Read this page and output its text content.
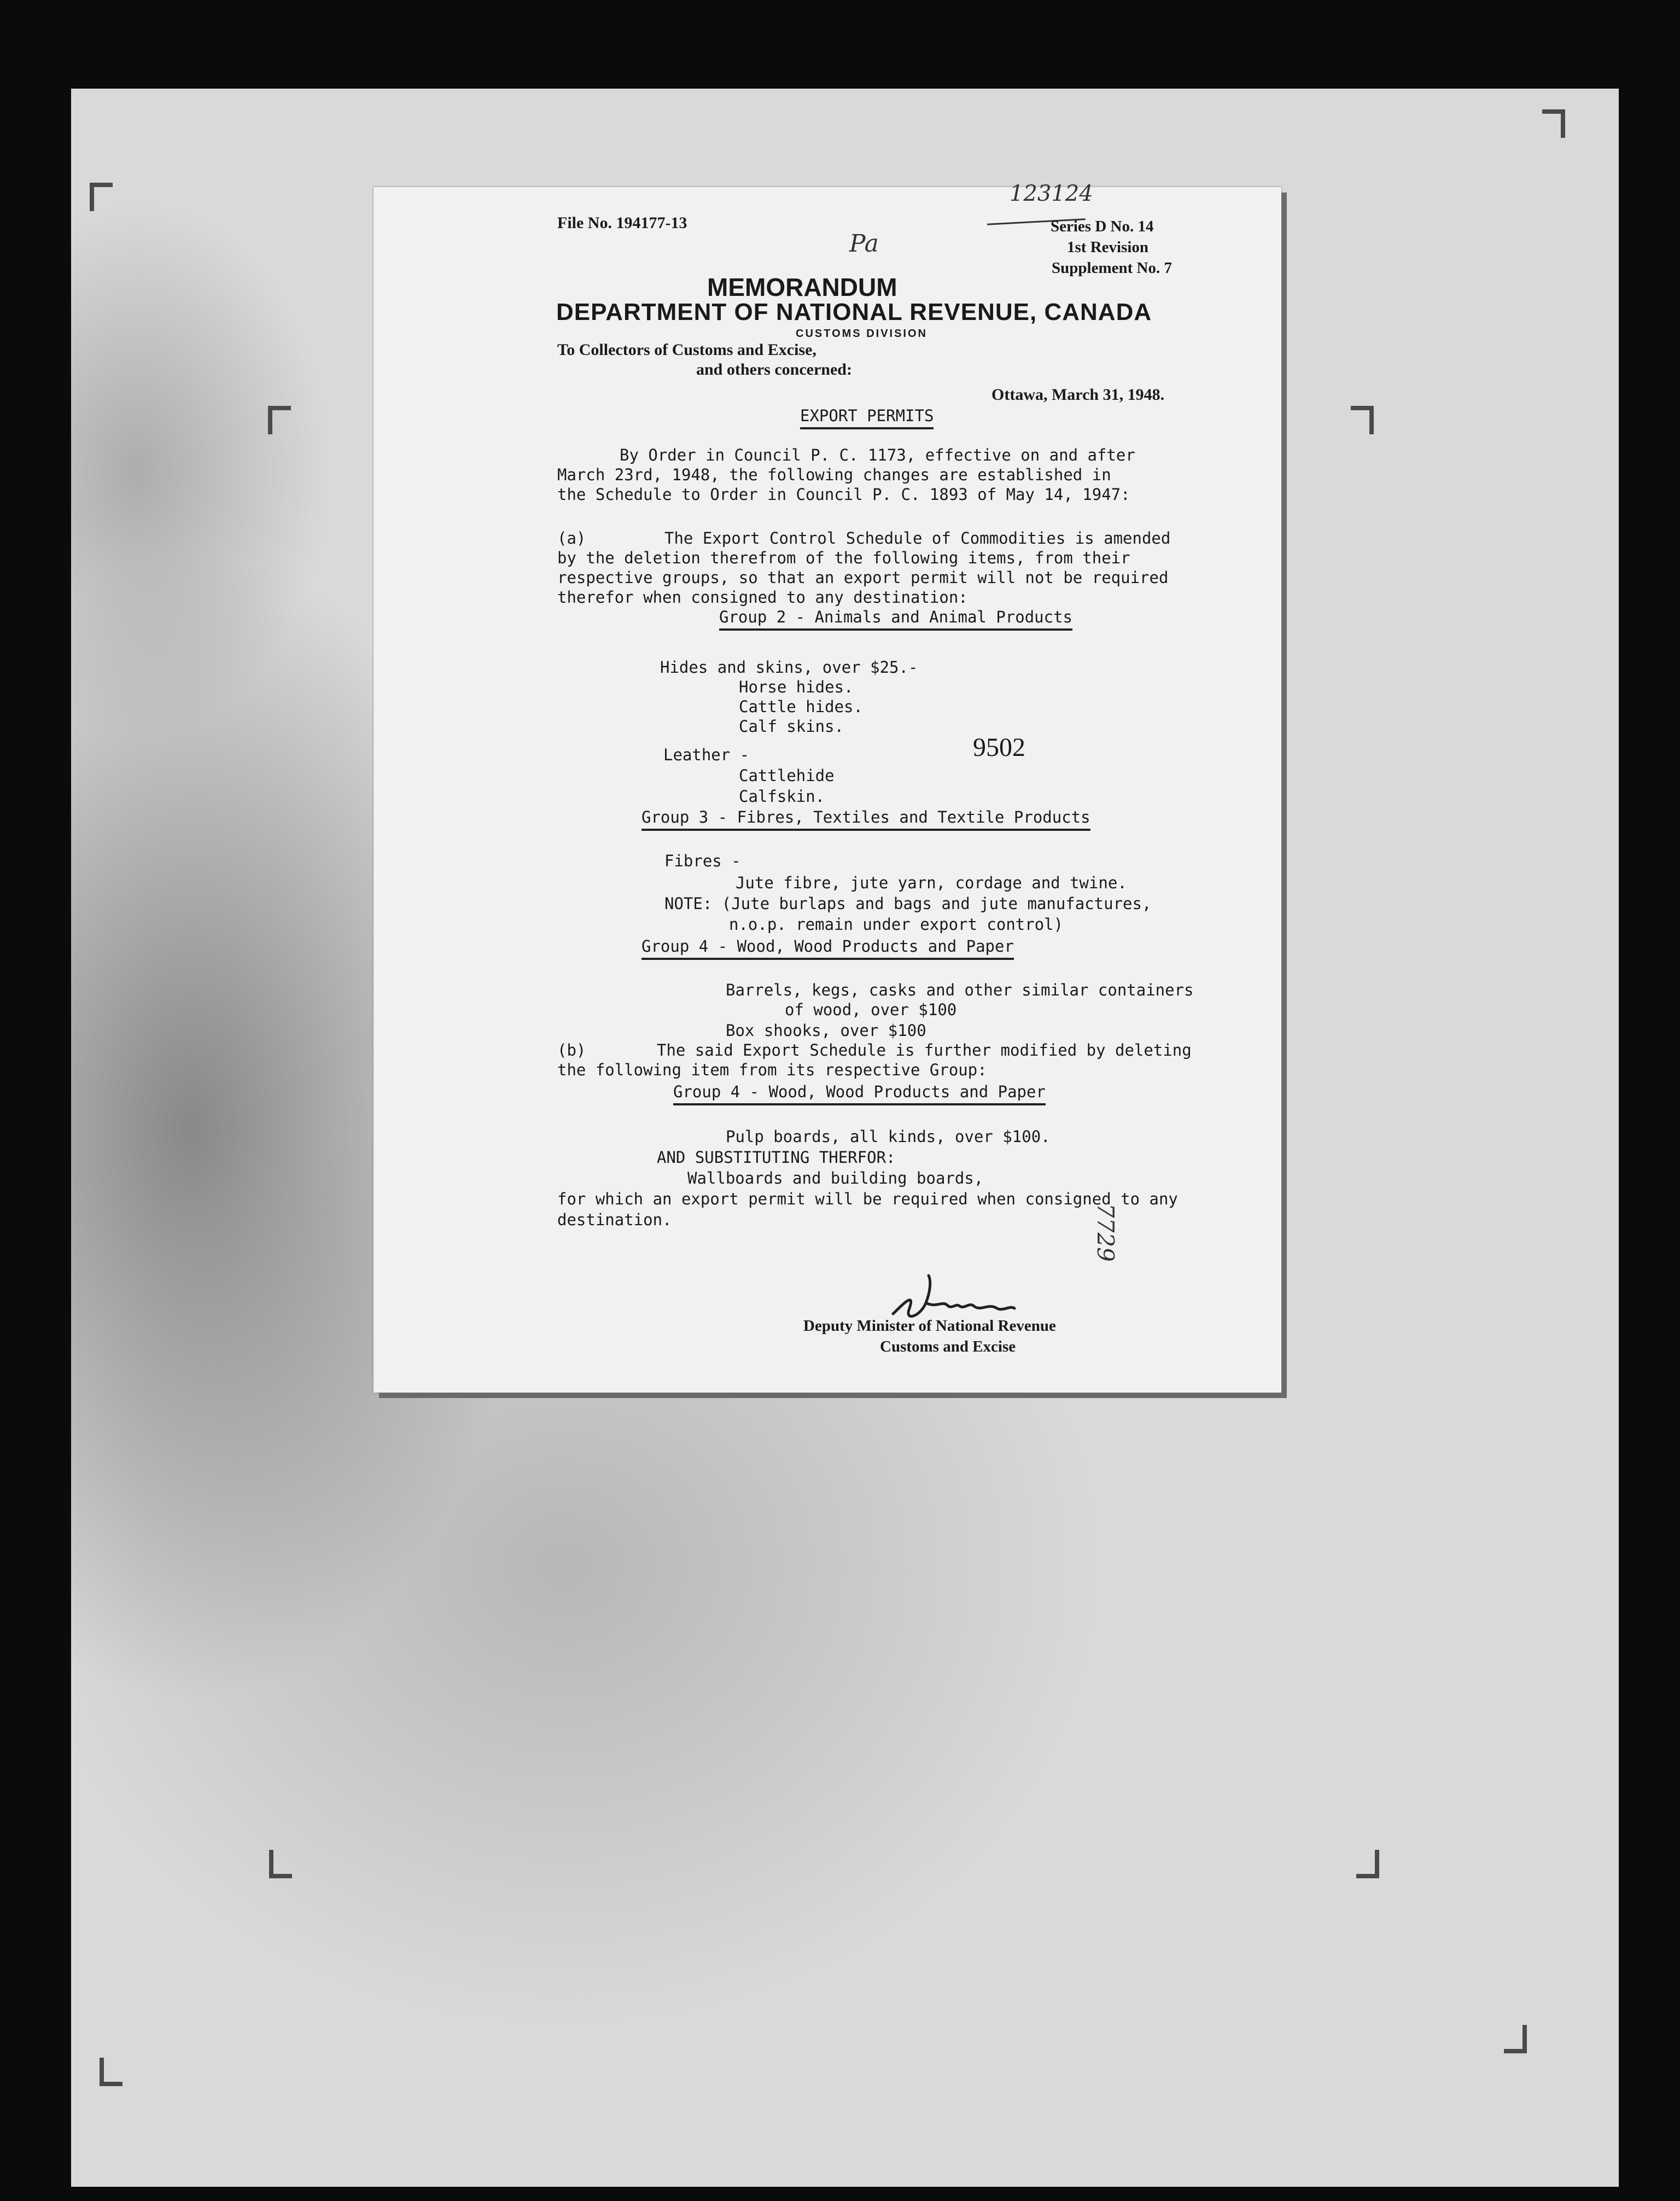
File No. 194177-13
123124
Pa
Series D No. 14
1st Revision
Supplement No. 7
MEMORANDUM
DEPARTMENT OF NATIONAL REVENUE, CANADA
CUSTOMS DIVISION
To Collectors of Customs and Excise,
and others concerned:
Ottawa, March 31, 1948.
EXPORT PERMITS
By Order in Council P. C. 1173, effective on and after
March 23rd, 1948, the following changes are established in
the Schedule to Order in Council P. C. 1893 of May 14, 1947:
(a)	The Export Control Schedule of Commodities is amended
by the deletion therefrom of the following items, from their
respective groups, so that an export permit will not be required
therefor when consigned to any destination:
Group 2 - Animals and Animal Products
Hides and skins, over $25.-
Horse hides.
Cattle hides.
Calf skins.
Leather -
Cattlehide
Calfskin.
9502
Group 3 - Fibres, Textiles and Textile Products
Fibres -
Jute fibre, jute yarn, cordage and twine.
NOTE: (Jute burlaps and bags and jute manufactures,
n.o.p. remain under export control)
Group 4 - Wood, Wood Products and Paper
Barrels, kegs, casks and other similar containers
of wood, over $100
Box shooks, over $100
(b)	The said Export Schedule is further modified by deleting
the following item from its respective Group:
Group 4 - Wood, Wood Products and Paper
Pulp boards, all kinds, over $100.
AND SUBSTITUTING THERFOR:
Wallboards and building boards,
for which an export permit will be required when consigned to any
destination.	7729
Deputy Minister of National Revenue
Customs and Excise
